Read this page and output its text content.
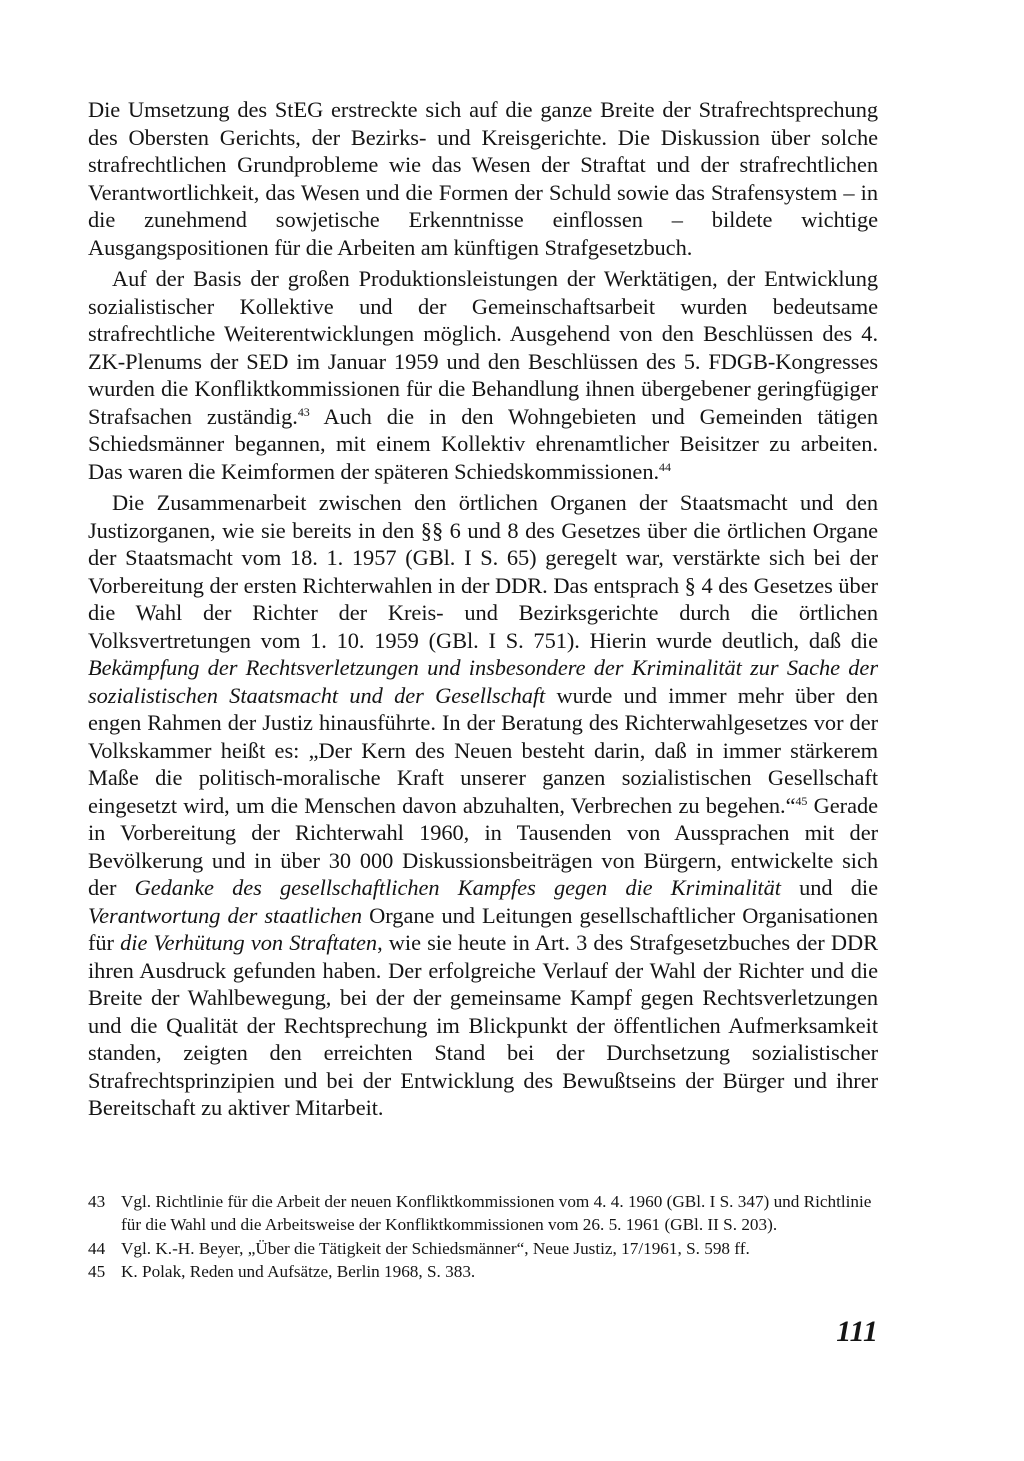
Die Umsetzung des StEG erstreckte sich auf die ganze Breite der Strafrechtsprechung des Obersten Gerichts, der Bezirks- und Kreisgerichte. Die Diskussion über solche strafrechtlichen Grundprobleme wie das Wesen der Straftat und der strafrechtlichen Verantwortlichkeit, das Wesen und die Formen der Schuld sowie das Strafensystem – in die zunehmend sowjetische Erkenntnisse einflossen – bildete wichtige Ausgangspositionen für die Arbeiten am künftigen Strafgesetzbuch.

Auf der Basis der großen Produktionsleistungen der Werktätigen, der Entwicklung sozialistischer Kollektive und der Gemeinschaftsarbeit wurden bedeutsame strafrechtliche Weiterentwicklungen möglich. Ausgehend von den Beschlüssen des 4. ZK-Plenums der SED im Januar 1959 und den Beschlüssen des 5. FDGB-Kongresses wurden die Konfliktkommissionen für die Behandlung ihnen übergebener geringfügiger Strafsachen zuständig.$^{43}$ Auch die in den Wohngebieten und Gemeinden tätigen Schiedsmänner begannen, mit einem Kollektiv ehrenamtlicher Beisitzer zu arbeiten. Das waren die Keimformen der späteren Schiedskommissionen.$^{44}$

Die Zusammenarbeit zwischen den örtlichen Organen der Staatsmacht und den Justizorganen, wie sie bereits in den §§ 6 und 8 des Gesetzes über die örtlichen Organe der Staatsmacht vom 18. 1. 1957 (GBl. I S. 65) geregelt war, verstärkte sich bei der Vorbereitung der ersten Richterwahlen in der DDR. Das entsprach § 4 des Gesetzes über die Wahl der Richter der Kreis- und Bezirksgerichte durch die örtlichen Volksvertretungen vom 1. 10. 1959 (GBl. I S. 751). Hierin wurde deutlich, daß die Bekämpfung der Rechtsverletzungen und insbesondere der Kriminalität zur Sache der sozialistischen Staatsmacht und der Gesellschaft wurde und immer mehr über den engen Rahmen der Justiz hinausführte. In der Beratung des Richterwahlgesetzes vor der Volkskammer heißt es: „Der Kern des Neuen besteht darin, daß in immer stärkerem Maße die politisch-moralische Kraft unserer ganzen sozialistischen Gesellschaft eingesetzt wird, um die Menschen davon abzuhalten, Verbrechen zu begehen.“$^{45}$ Gerade in Vorbereitung der Richterwahl 1960, in Tausenden von Aussprachen mit der Bevölkerung und in über 30 000 Diskussionsbeiträgen von Bürgern, entwickelte sich der Gedanke des gesellschaftlichen Kampfes gegen die Kriminalität und die Verantwortung der staatlichen Organe und Leitungen gesellschaftlicher Organisationen für die Verhütung von Straftaten, wie sie heute in Art. 3 des Strafgesetzbuches der DDR ihren Ausdruck gefunden haben. Der erfolgreiche Verlauf der Wahl der Richter und die Breite der Wahlbewegung, bei der der gemeinsame Kampf gegen Rechtsverletzungen und die Qualität der Rechtsprechung im Blickpunkt der öffentlichen Aufmerksamkeit standen, zeigten den erreichten Stand bei der Durchsetzung sozialistischer Strafrechtsprinzipien und bei der Entwicklung des Bewußtseins der Bürger und ihrer Bereitschaft zu aktiver Mitarbeit.

43 Vgl. Richtlinie für die Arbeit der neuen Konfliktkommissionen vom 4. 4. 1960 (GBl. I S. 347) und Richtlinie für die Wahl und die Arbeitsweise der Konfliktkommissionen vom 26. 5. 1961 (GBl. II S. 203).
44 Vgl. K.-H. Beyer, „Über die Tätigkeit der Schiedsmänner“, Neue Justiz, 17/1961, S. 598 ff.
45 K. Polak, Reden und Aufsätze, Berlin 1968, S. 383.
111
